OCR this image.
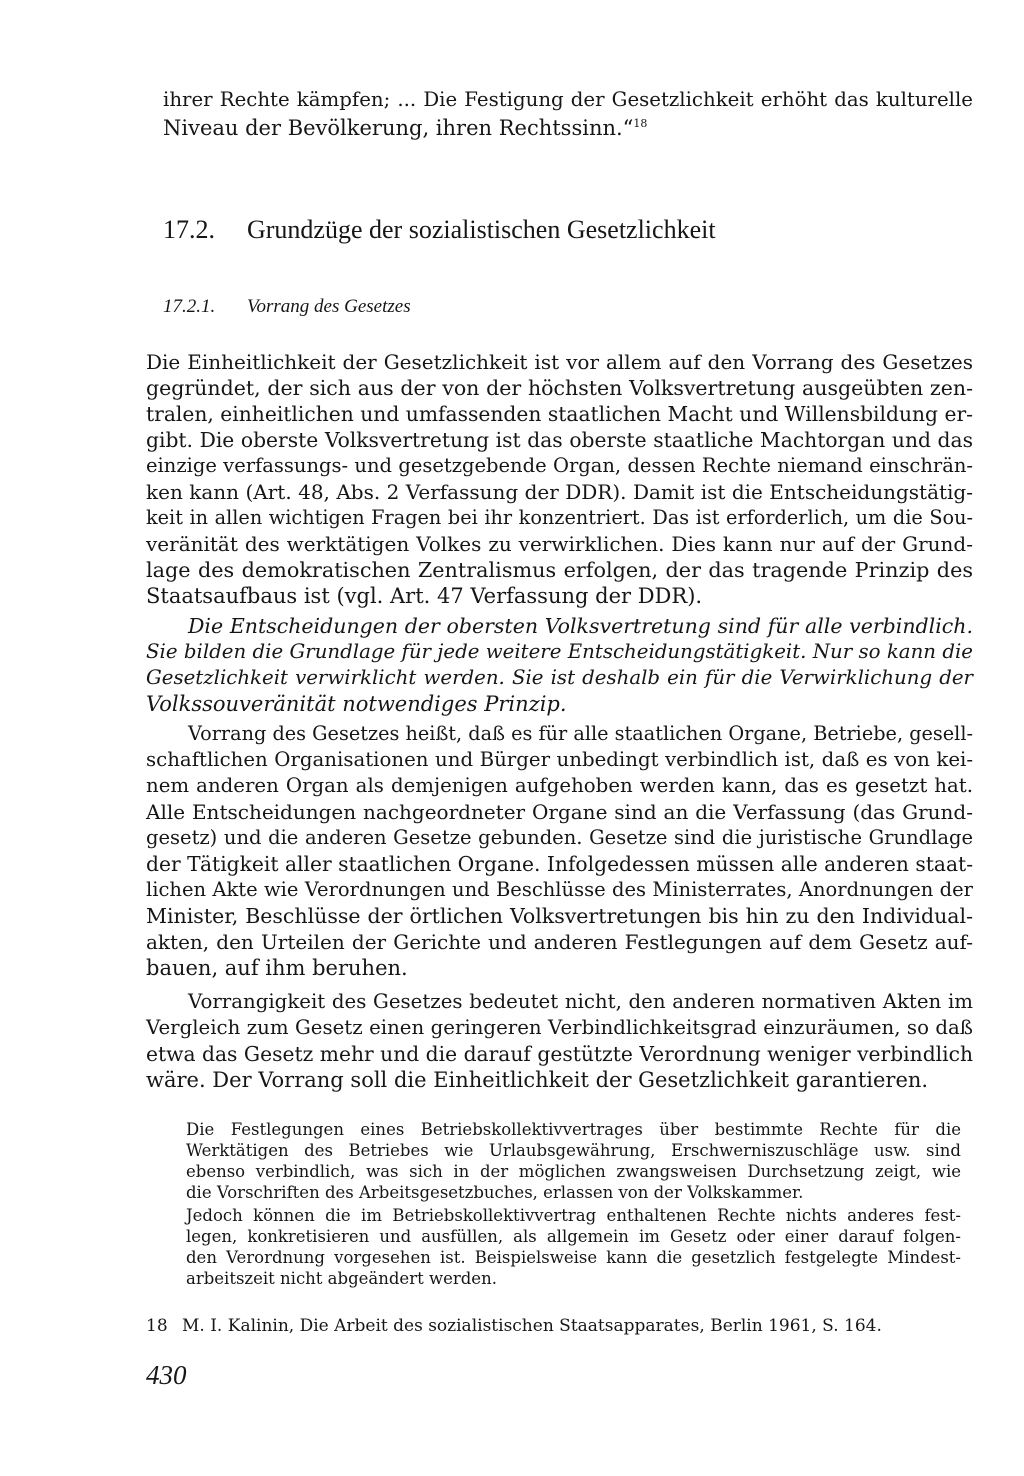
ihrer Rechte kämpfen; ... Die Festigung der Gesetzlichkeit erhöht das kulturelle
Niveau der Bevölkerung, ihren Rechtssinn.“$^{18}$
17.2. Grundzüge der sozialistischen Gesetzlichkeit
17.2.1. Vorrang des Gesetzes
Die Einheitlichkeit der Gesetzlichkeit ist vor allem auf den Vorrang des Gesetzes
gegründet, der sich aus der von der höchsten Volksvertretung ausgeübten zen-
tralen, einheitlichen und umfassenden staatlichen Macht und Willensbildung er-
gibt. Die oberste Volksvertretung ist das oberste staatliche Machtorgan und das
einzige verfassungs- und gesetzgebende Organ, dessen Rechte niemand einschrän-
ken kann (Art. 48, Abs. 2 Verfassung der DDR). Damit ist die Entscheidungstätig-
keit in allen wichtigen Fragen bei ihr konzentriert. Das ist erforderlich, um die Sou-
veränität des werktätigen Volkes zu verwirklichen. Dies kann nur auf der Grund-
lage des demokratischen Zentralismus erfolgen, der das tragende Prinzip des
Staatsaufbaus ist (vgl. Art. 47 Verfassung der DDR).
Die Entscheidungen der obersten Volksvertretung sind für alle verbindlich.
Sie bilden die Grundlage für jede weitere Entscheidungstätigkeit. Nur so kann die
Gesetzlichkeit verwirklicht werden. Sie ist deshalb ein für die Verwirklichung der
Volkssouveränität notwendiges Prinzip.
Vorrang des Gesetzes heißt, daß es für alle staatlichen Organe, Betriebe, gesell-
schaftlichen Organisationen und Bürger unbedingt verbindlich ist, daß es von kei-
nem anderen Organ als demjenigen aufgehoben werden kann, das es gesetzt hat.
Alle Entscheidungen nachgeordneter Organe sind an die Verfassung (das Grund-
gesetz) und die anderen Gesetze gebunden. Gesetze sind die juristische Grundlage
der Tätigkeit aller staatlichen Organe. Infolgedessen müssen alle anderen staat-
lichen Akte wie Verordnungen und Beschlüsse des Ministerrates, Anordnungen der
Minister, Beschlüsse der örtlichen Volksvertretungen bis hin zu den Individual-
akten, den Urteilen der Gerichte und anderen Festlegungen auf dem Gesetz auf-
bauen, auf ihm beruhen.
Vorrangigkeit des Gesetzes bedeutet nicht, den anderen normativen Akten im
Vergleich zum Gesetz einen geringeren Verbindlichkeitsgrad einzuräumen, so daß
etwa das Gesetz mehr und die darauf gestützte Verordnung weniger verbindlich
wäre. Der Vorrang soll die Einheitlichkeit der Gesetzlichkeit garantieren.
Die Festlegungen eines Betriebskollektivvertrages über bestimmte Rechte für die
Werktätigen des Betriebes wie Urlaubsgewährung, Erschwerniszuschläge usw. sind
ebenso verbindlich, was sich in der möglichen zwangsweisen Durchsetzung zeigt, wie
die Vorschriften des Arbeitsgesetzbuches, erlassen von der Volkskammer.
Jedoch können die im Betriebskollektivvertrag enthaltenen Rechte nichts anderes fest-
legen, konkretisieren und ausfüllen, als allgemein im Gesetz oder einer darauf folgen-
den Verordnung vorgesehen ist. Beispielsweise kann die gesetzlich festgelegte Mindest-
arbeitszeit nicht abgeändert werden.
18 M. I. Kalinin, Die Arbeit des sozialistischen Staatsapparates, Berlin 1961, S. 164.
430
